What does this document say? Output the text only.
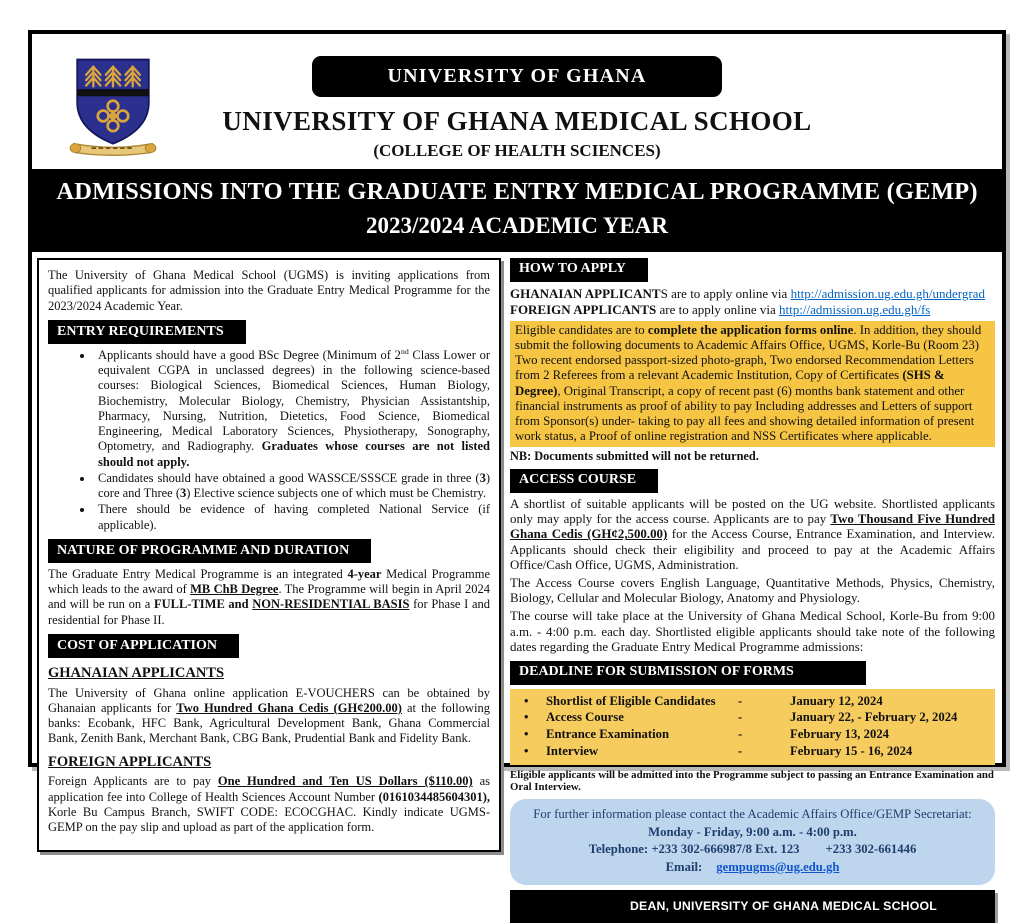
UNIVERSITY OF GHANA
UNIVERSITY OF GHANA MEDICAL SCHOOL
(COLLEGE OF HEALTH SCIENCES)
ADMISSIONS INTO THE GRADUATE ENTRY MEDICAL PROGRAMME (GEMP)
2023/2024 ACADEMIC YEAR

The University of Ghana Medical School (UGMS) is inviting applications from qualified applicants for admission into the Graduate Entry Medical Programme for the 2023/2024 Academic Year.

ENTRY REQUIREMENTS
• Applicants should have a good BSc Degree (Minimum of 2nd Class Lower or equivalent CGPA in unclassed degrees) in the following science-based courses: Biological Sciences, Biomedical Sciences, Human Biology, Biochemistry, Molecular Biology, Chemistry, Physician Assistantship, Pharmacy, Nursing, Nutrition, Dietetics, Food Science, Biomedical Engineering, Medical Laboratory Sciences, Physiotherapy, Sonography, Optometry, and Radiography. Graduates whose courses are not listed should not apply.
• Candidates should have obtained a good WASSCE/SSSCE grade in three (3) core and Three (3) Elective science subjects one of which must be Chemistry.
• There should be evidence of having completed National Service (if applicable).
NATURE OF PROGRAMME AND DURATION

The Graduate Entry Medical Programme is an integrated 4-year Medical Programme which leads to the award of MB ChB Degree. The Programme will begin in April 2024 and will be run on a FULL-TIME and NON-RESIDENTIAL BASIS for Phase I and residential for Phase II.

COST OF APPLICATION
GHANAIAN APPLICANTS

The University of Ghana online application E-VOUCHERS can be obtained by Ghanaian applicants for Two Hundred Ghana Cedis (GH¢200.00) at the following banks: Ecobank, HFC Bank, Agricultural Development Bank, Ghana Commercial Bank, Zenith Bank, Merchant Bank, CBG Bank, Prudential Bank and Fidelity Bank.

FOREIGN APPLICANTS

Foreign Applicants are to pay One Hundred and Ten US Dollars ($110.00) as application fee into College of Health Sciences Account Number (0161034485604301), Korle Bu Campus Branch, SWIFT CODE: ECOCGHAC. Kindly indicate UGMS-GEMP on the pay slip and upload as part of the application form.

HOW TO APPLY

GHANAIAN APPLICANTS are to apply online via http://admission.ug.edu.gh/undergrad

FOREIGN APPLICANTS are to apply online via http://admission.ug.edu.gh/fs

Eligible candidates are to complete the application forms online. In addition, they should submit the following documents to Academic Affairs Office, UGMS, Korle-Bu (Room 23) Two recent endorsed passport-sized photo-graph, Two endorsed Recommendation Letters from 2 Referees from a relevant Academic Institution, Copy of Certificates (SHS & Degree), Original Transcript, a copy of recent past (6) months bank statement and other financial instruments as proof of ability to pay Including addresses and Letters of support from Sponsor(s) under- taking to pay all fees and showing detailed information of present work status, a Proof of online registration and NSS Certificates where applicable.

NB: Documents submitted will not be returned.

ACCESS COURSE

A shortlist of suitable applicants will be posted on the UG website. Shortlisted applicants only may apply for the access course. Applicants are to pay Two Thousand Five Hundred Ghana Cedis (GH¢2,500.00) for the Access Course, Entrance Examination, and Interview. Applicants should check their eligibility and proceed to pay at the Academic Affairs Office/Cash Office, UGMS, Administration.

The Access Course covers English Language, Quantitative Methods, Physics, Chemistry, Biology, Cellular and Molecular Biology, Anatomy and Physiology.

The course will take place at the University of Ghana Medical School, Korle-Bu from 9:00 a.m. - 4:00 p.m. each day. Shortlisted eligible applicants should take note of the following dates regarding the Graduate Entry Medical Programme admissions:

DEADLINE FOR SUBMISSION OF FORMS
•
Shortlist of Eligible Candidates	-	January 12, 2024
•
Access Course	-	January 22, - February 2, 2024
•
Entrance Examination	-	February 13, 2024
•
Interview	-	February 15 - 16, 2024

Eligible applicants will be admitted into the Programme subject to passing an Entrance Examination and Oral Interview.

For further information please contact the Academic Affairs Office/GEMP Secretariat:
Monday - Friday, 9:00 a.m. - 4:00 p.m.
Telephone: +233 302-666987/8 Ext. 123 +233 302-661446
Email: gempugms@ug.edu.gh
DEAN, UNIVERSITY OF GHANA MEDICAL SCHOOL
